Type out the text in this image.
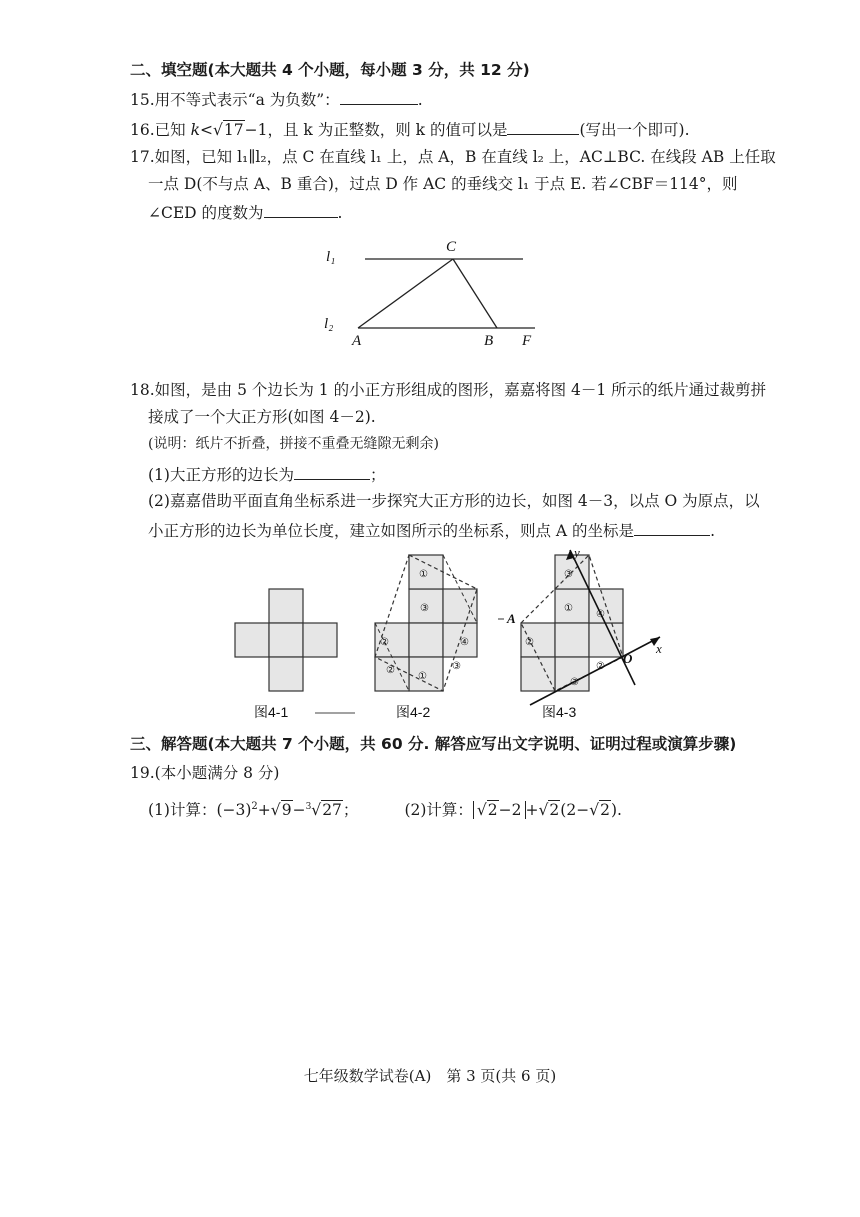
二、填空题(本大题共 4 个小题，每小题 3 分，共 12 分)
15.用不等式表示“a 为负数”：	.
16.已知 k<√17−1，且 k 为正整数，则 k 的值可以是	(写出一个即可).
17.如图，已知 l₁∥l₂，点 C 在直线 l₁ 上，点 A，B 在直线 l₂ 上，AC⊥BC. 在线段 AB 上任取
一点 D(不与点 A、B 重合)，过点 D 作 AC 的垂线交 l₁ 于点 E. 若∠CBF＝114°，则
∠CED 的度数为	.
l₁
l₂
C
A	B F
18.如图，是由 5 个边长为 1 的小正方形组成的图形，嘉嘉将图 4－1 所示的纸片通过裁剪拼
接成了一个大正方形(如图 4－2).
(说明：纸片不折叠，拼接不重叠无缝隙无剩余)
(1)大正方形的边长为	；
(2)嘉嘉借助平面直角坐标系进一步探究大正方形的边长，如图 4－3，以点 O 为原点，以
小正方形的边长为单位长度，建立如图所示的坐标系，则点 A 的坐标是	.
图4-1
①
③
④
②
①
③
②
图4-2
③
①
④
②
②
③
A
O
x
y
图4-3
三、解答题(本大题共 7 个小题，共 60 分. 解答应写出文字说明、证明过程或演算步骤)
19.(本小题满分 8 分)
(1)计算：$(-3)^2+√9-^3√27$；	(2)计算： √2−2 +√2(2−√2).
七年级数学试卷(A)　第 3 页(共 6 页)
